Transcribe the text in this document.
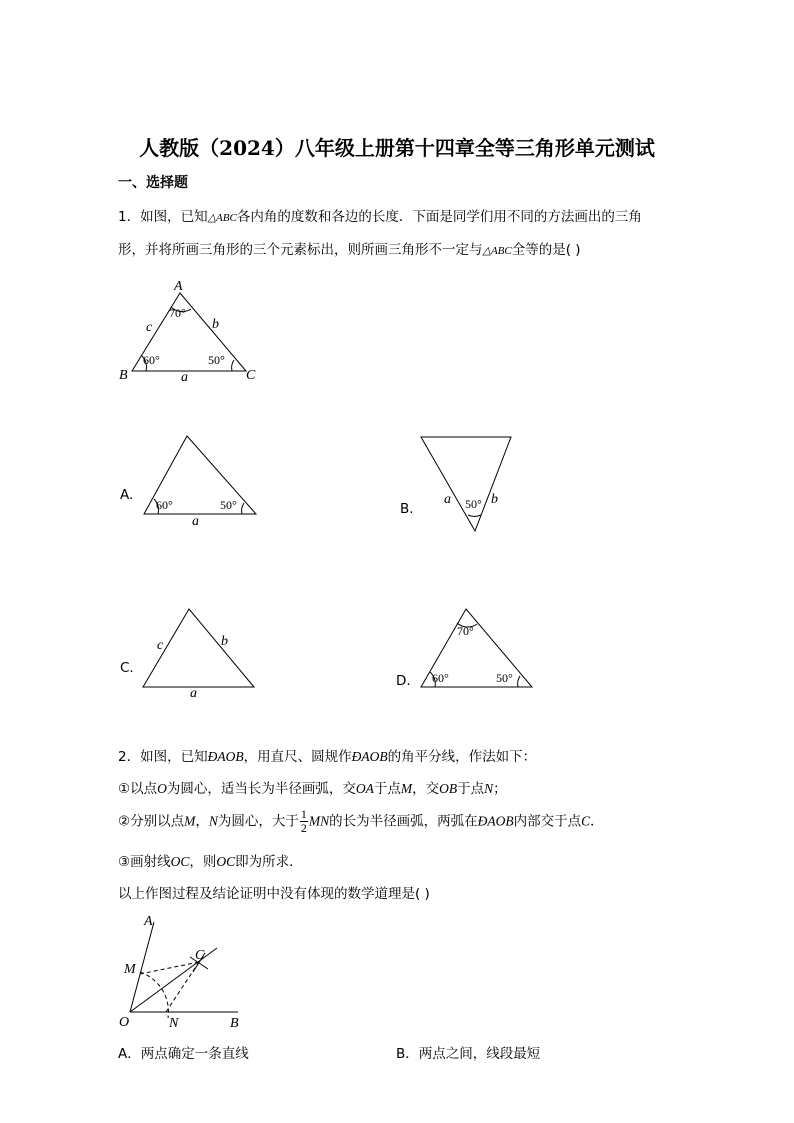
人教版（2024）八年级上册第十四章全等三角形单元测试
一、选择题
1．如图，已知△ABC各内角的度数和各边的长度．下面是同学们用不同的方法画出的三角
形，并将所画三角形的三个元素标出，则所画三角形不一定与△ABC全等的是( )
A
B	C
c	b
a
70°
60°	50°
60°	50°
a
a 50° b
c	b
a
70°
60°	50°
A
C
M
O	N	B
A.
B.
C.
D.
2．如图，已知ÐAOB，用直尺、圆规作ÐAOB的角平分线，作法如下：
①以点O为圆心，适当长为半径画弧，交OA于点M，交OB于点N；
②分别以点M，N为圆心，大于 $\frac{1}{2}$ MN的长为半径画弧，两弧在ÐAOB内部交于点C．
③画射线OC，则OC即为所求．
以上作图过程及结论证明中没有体现的数学道理是( )
A．两点确定一条直线	B．两点之间，线段最短
